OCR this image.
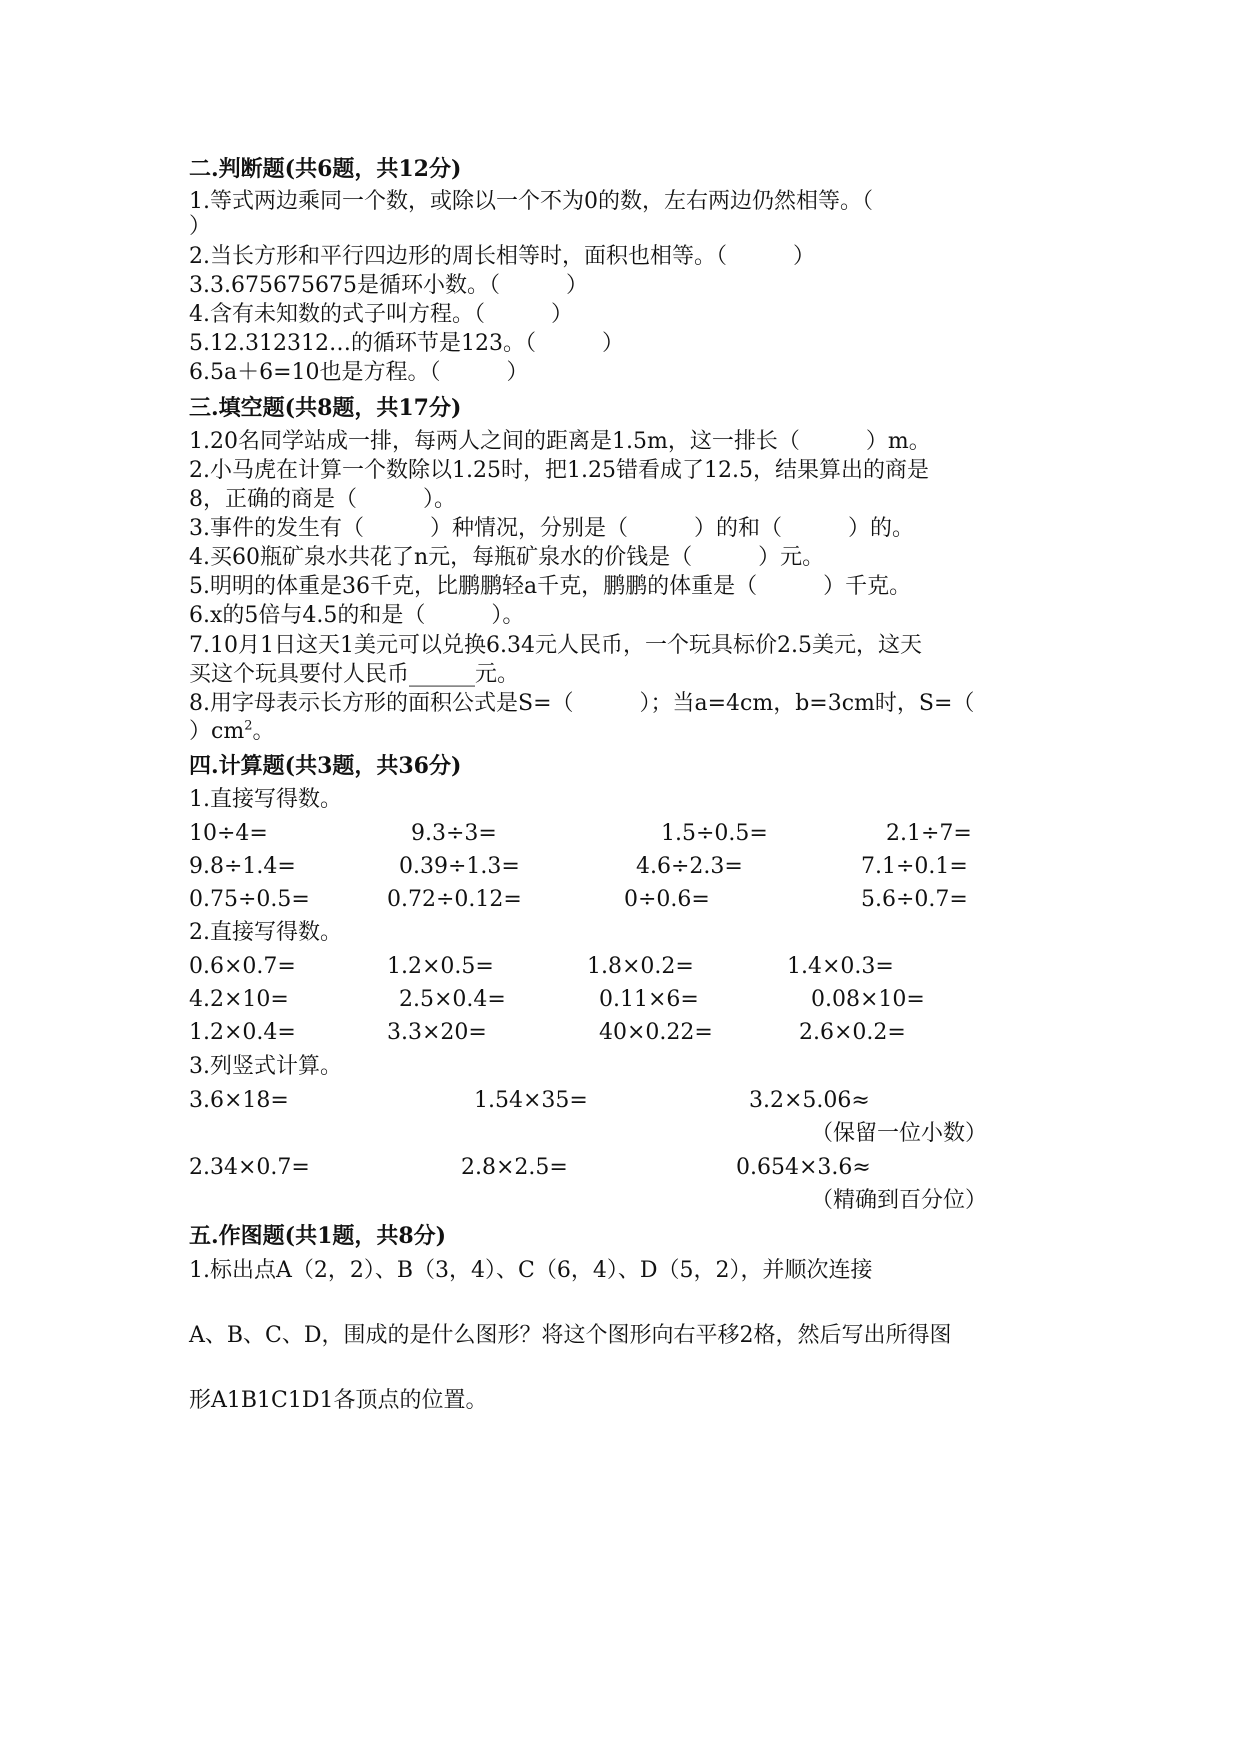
二.判断题(共6题，共12分)
1.等式两边乘同一个数，或除以一个不为0的数，左右两边仍然相等。（
）
2.当长方形和平行四边形的周长相等时，面积也相等。（　　　）
3.3.675675675是循环小数。（　　　）
4.含有未知数的式子叫方程。（　　　）
5.12.312312…的循环节是123。（　　　）
6.5a＋6=10也是方程。（　　　）
三.填空题(共8题，共17分)
1.20名同学站成一排，每两人之间的距离是1.5m，这一排长（　　　）m。
2.小马虎在计算一个数除以1.25时，把1.25错看成了12.5，结果算出的商是
8，正确的商是（　　　）。
3.事件的发生有（　　　）种情况，分别是（　　　）的和（　　　）的。
4.买60瓶矿泉水共花了n元，每瓶矿泉水的价钱是（　　　）元。
5.明明的体重是36千克，比鹏鹏轻a千克，鹏鹏的体重是（　　　）千克。
6.x的5倍与4.5的和是（　　　）。
7.10月1日这天1美元可以兑换6.34元人民币，一个玩具标价2.5美元，这天
买这个玩具要付人民币______元。
8.用字母表示长方形的面积公式是S=（　　　）；当a=4cm，b=3cm时，S=（
）$cm^2$。
四.计算题(共3题，共36分)
1.直接写得数。
10÷4=	9.3÷3=	1.5÷0.5=	2.1÷7=
9.8÷1.4=	0.39÷1.3=	4.6÷2.3=	7.1÷0.1=
0.75÷0.5=	0.72÷0.12=	0÷0.6=	5.6÷0.7=
2.直接写得数。
0.6×0.7=	1.2×0.5=	1.8×0.2=	1.4×0.3=
4.2×10=	2.5×0.4=	0.11×6=	0.08×10=
1.2×0.4=	3.3×20=	40×0.22=	2.6×0.2=
3.列竖式计算。
3.6×18=	1.54×35=	3.2×5.06≈
（保留一位小数）
2.34×0.7=	2.8×2.5=	0.654×3.6≈
（精确到百分位）
五.作图题(共1题，共8分)
1.标出点A（2，2）、B（3，4）、C（6，4）、D（5，2），并顺次连接
A、B、C、D，围成的是什么图形？将这个图形向右平移2格，然后写出所得图
形A1B1C1D1各顶点的位置。
